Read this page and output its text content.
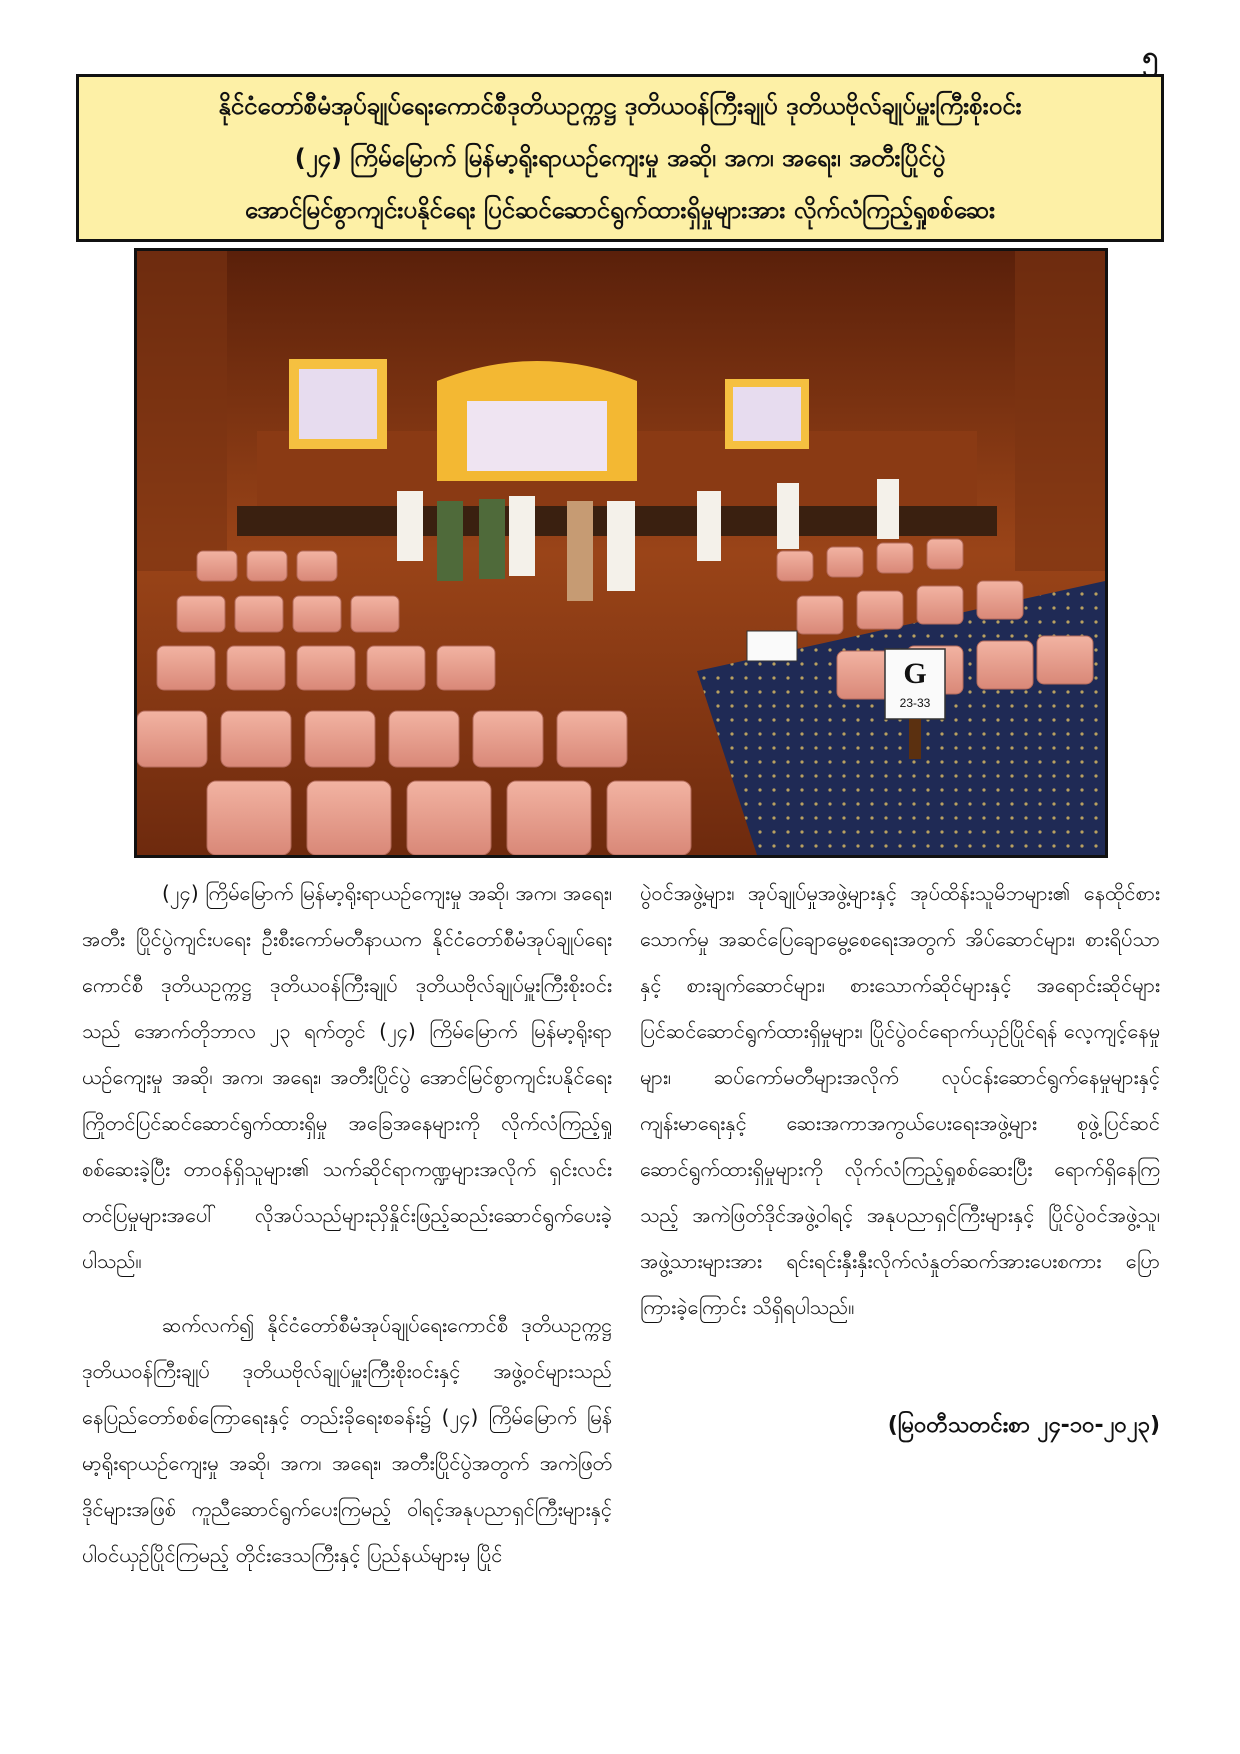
၅
နိုင်ငံတော်စီမံအုပ်ချုပ်ရေးကောင်စီဒုတိယဥက္ကဋ္ဌ ဒုတိယဝန်ကြီးချုပ် ဒုတိယဗိုလ်ချုပ်မှူးကြီးစိုးဝင်း
(၂၄) ကြိမ်မြောက် မြန်မာ့ရိုးရာယဉ်ကျေးမှု အဆို၊ အက၊ အရေး၊ အတီးပြိုင်ပွဲ
အောင်မြင်စွာကျင်းပနိုင်ရေး ပြင်ဆင်ဆောင်ရွက်ထားရှိမှုများအား လိုက်လံကြည့်ရှုစစ်ဆေး
G
23-33

(၂၄) ကြိမ်မြောက် မြန်မာ့ရိုးရာယဉ်ကျေးမှု အဆို၊ အက၊ အရေး၊ အတီး ပြိုင်ပွဲကျင်းပရေး ဦးစီးကော်မတီနာယက နိုင်ငံတော်စီမံအုပ်ချုပ်ရေးကောင်စီ ဒုတိယဥက္ကဋ္ဌ ဒုတိယဝန်ကြီးချုပ် ဒုတိယဗိုလ်ချုပ်မှူးကြီးစိုးဝင်းသည် အောက်တိုဘာလ ၂၃ ရက်တွင် (၂၄) ကြိမ်မြောက် မြန်မာ့ရိုးရာယဉ်ကျေးမှု အဆို၊ အက၊ အရေး၊ အတီးပြိုင်ပွဲ အောင်မြင်စွာကျင်းပနိုင်ရေး ကြိုတင်ပြင်ဆင်ဆောင်ရွက်ထားရှိမှု အခြေအနေများကို လိုက်လံကြည့်ရှုစစ်ဆေးခဲ့ပြီး တာဝန်ရှိသူများ၏ သက်ဆိုင်ရာကဏ္ဍများအလိုက် ရှင်းလင်းတင်ပြမှုများအပေါ် လိုအပ်သည်များညှိနှိုင်းဖြည့်ဆည်းဆောင်ရွက်ပေးခဲ့ပါသည်။

ဆက်လက်၍ နိုင်ငံတော်စီမံအုပ်ချုပ်ရေးကောင်စီ ဒုတိယဥက္ကဋ္ဌ ဒုတိယဝန်ကြီးချုပ် ဒုတိယဗိုလ်ချုပ်မှူးကြီးစိုးဝင်းနှင့် အဖွဲ့ဝင်များသည် နေပြည်တော်စစ်ကြောရေးနှင့် တည်းခိုရေးစခန်း၌ (၂၄) ကြိမ်မြောက် မြန်မာ့ရိုးရာယဉ်ကျေးမှု အဆို၊ အက၊ အရေး၊ အတီးပြိုင်ပွဲအတွက် အကဲဖြတ်ဒိုင်များအဖြစ် ကူညီဆောင်ရွက်ပေးကြမည့် ဝါရင့်အနုပညာရှင်ကြီးများနှင့် ပါဝင်ယှဉ်ပြိုင်ကြမည့် တိုင်းဒေသကြီးနှင့် ပြည်နယ်များမှ ပြိုင်

ပွဲဝင်အဖွဲ့များ၊ အုပ်ချုပ်မှုအဖွဲ့များနှင့် အုပ်ထိန်းသူမိဘများ၏ နေထိုင်စားသောက်မှု အဆင်ပြေချောမွေ့စေရေးအတွက် အိပ်ဆောင်များ၊ စားရိပ်သာနှင့် စားချက်ဆောင်များ၊ စားသောက်ဆိုင်များနှင့် အရောင်းဆိုင်များ ပြင်ဆင်ဆောင်ရွက်ထားရှိမှုများ၊ ပြိုင်ပွဲဝင်ရောက်ယှဉ်ပြိုင်ရန် လေ့ကျင့်နေမှုများ၊ ဆပ်ကော်မတီများအလိုက် လုပ်ငန်းဆောင်ရွက်နေမှုများနှင့် ကျန်းမာရေးနှင့် ဆေးအကာအကွယ်ပေးရေးအဖွဲ့များ စုဖွဲ့ပြင်ဆင်ဆောင်ရွက်ထားရှိမှုများကို လိုက်လံကြည့်ရှုစစ်ဆေးပြီး ရောက်ရှိနေကြသည့် အကဲဖြတ်ဒိုင်အဖွဲ့ဝါရင့် အနုပညာရှင်ကြီးများနှင့် ပြိုင်ပွဲဝင်အဖွဲ့သူ၊ အဖွဲ့သားများအား ရင်းရင်းနှီးနှီးလိုက်လံနှုတ်ဆက်အားပေးစကား ပြောကြားခဲ့ကြောင်း သိရှိရပါသည်။

(မြဝတီသတင်းစာ ၂၄-၁၀-၂၀၂၃)
